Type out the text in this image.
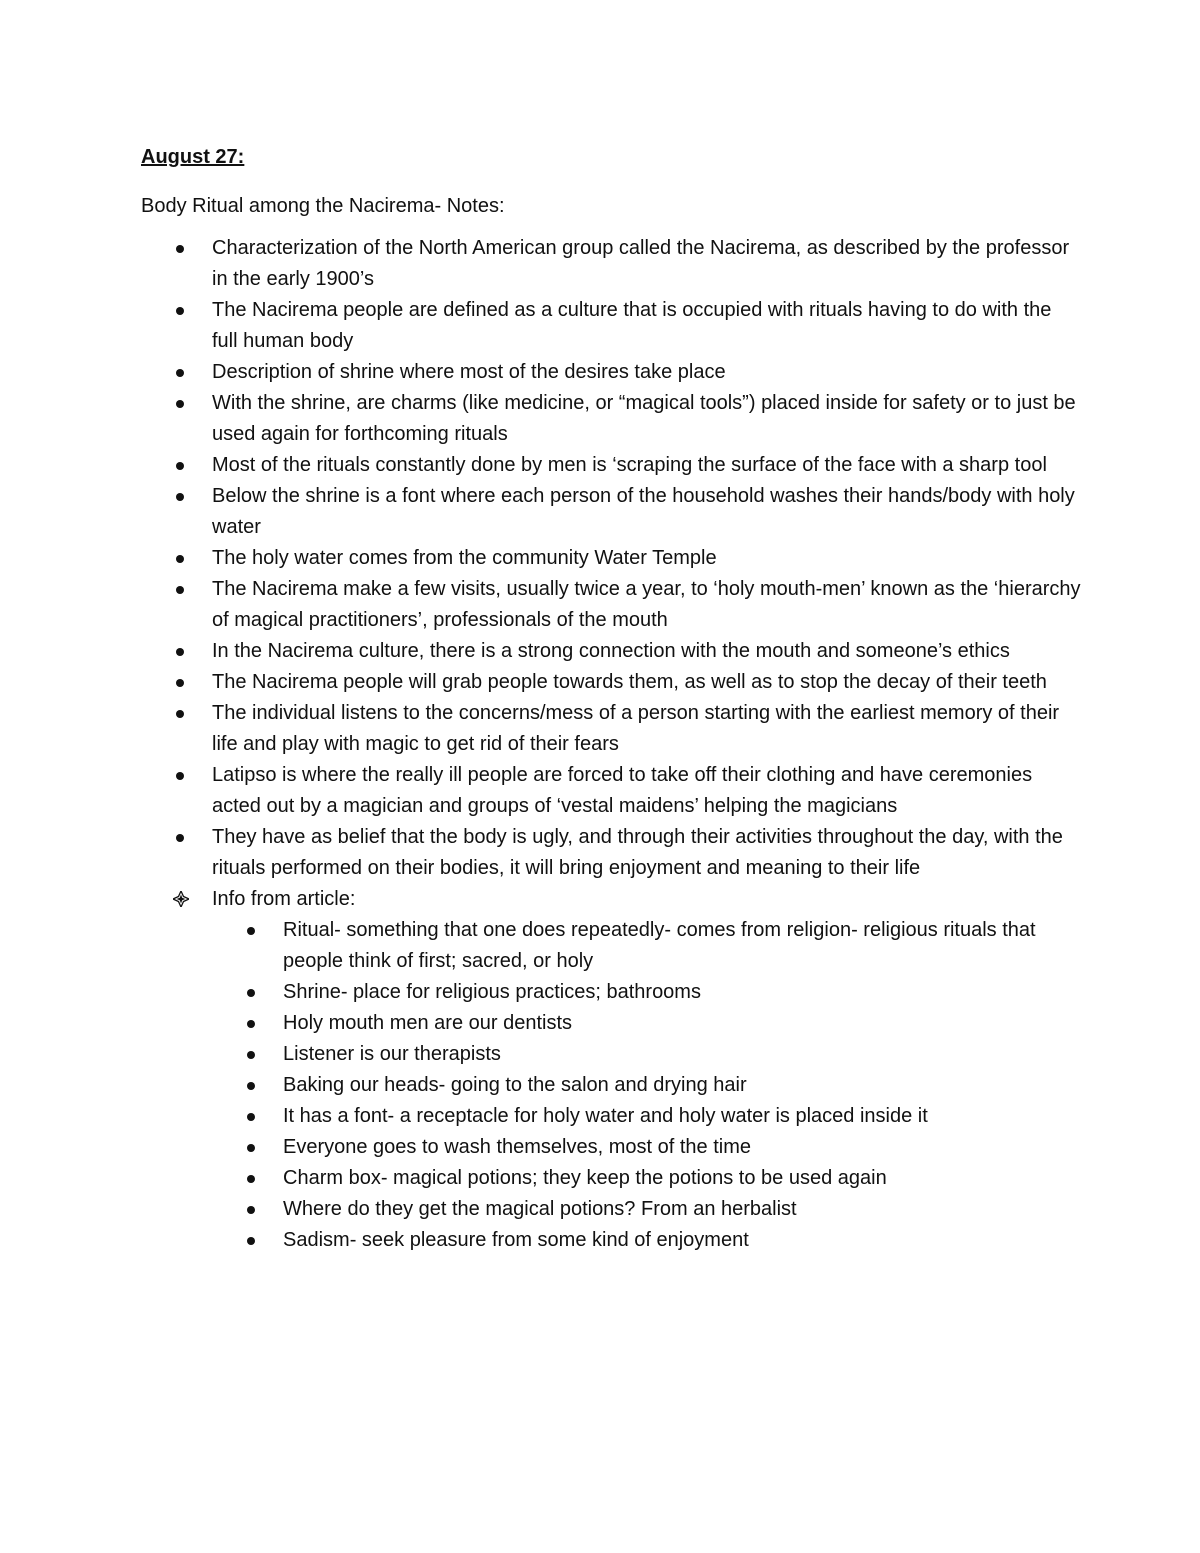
August 27:
Body Ritual among the Nacirema- Notes:
Characterization of the North American group called the Nacirema, as described by the professor in the early 1900’s
The Nacirema people are defined as a culture that is occupied with rituals having to do with the full human body
Description of shrine where most of the desires take place
With the shrine, are charms (like medicine, or “magical tools”) placed inside for safety or to just be used again for forthcoming rituals
Most of the rituals constantly done by men is ‘scraping the surface of the face with a sharp tool
Below the shrine is a font where each person of the household washes their hands/body with holy water
The holy water comes from the community Water Temple
The Nacirema make a few visits, usually twice a year, to ‘holy mouth-men’ known as the ‘hierarchy of magical practitioners’, professionals of the mouth
In the Nacirema culture, there is a strong connection with the mouth and someone’s ethics
The Nacirema people will grab people towards them, as well as to stop the decay of their teeth
The individual listens to the concerns/mess of a person starting with the earliest memory of their life and play with magic to get rid of their fears
Latipso is where the really ill people are forced to take off their clothing and have ceremonies acted out by a magician and groups of ‘vestal maidens’ helping the magicians
They have as belief that the body is ugly, and through their activities throughout the day, with the rituals performed on their bodies, it will bring enjoyment and meaning to their life
Info from article:
Ritual- something that one does repeatedly- comes from religion- religious rituals that people think of first; sacred, or holy
Shrine- place for religious practices; bathrooms
Holy mouth men are our dentists
Listener is our therapists
Baking our heads- going to the salon and drying hair
It has a font- a receptacle for holy water and holy water is placed inside it
Everyone goes to wash themselves, most of the time
Charm box- magical potions; they keep the potions to be used again
Where do they get the magical potions? From an herbalist
Sadism- seek pleasure from some kind of enjoyment
